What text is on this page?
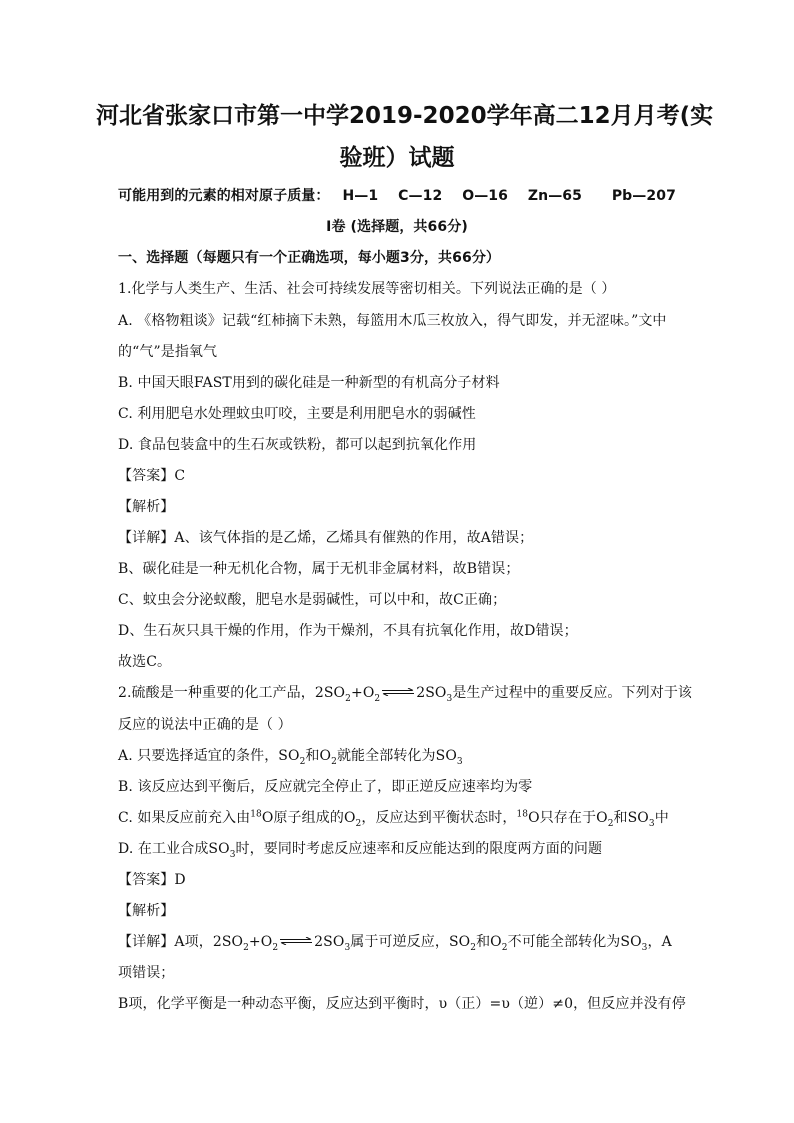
河北省张家口市第一中学2019-2020学年高二12月月考(实
验班）试题
可能用到的元素的相对原子质量： H—1    C—12    O—16    Zn—65      Pb—207
I卷 (选择题，共66分)
一、选择题（每题只有一个正确选项，每小题3分，共66分）
1.化学与人类生产、生活、社会可持续发展等密切相关。下列说法正确的是（ ）
A. 《格物粗谈》记载“红柿摘下未熟，每篮用木瓜三枚放入，得气即发，并无涩味。”文中
的“气”是指氧气
B. 中国天眼FAST用到的碳化硅是一种新型的有机高分子材料
C. 利用肥皂水处理蚊虫叮咬，主要是利用肥皂水的弱碱性
D. 食品包装盒中的生石灰或铁粉，都可以起到抗氧化作用
【答案】C
【解析】
【详解】A、该气体指的是乙烯，乙烯具有催熟的作用，故A错误；
B、碳化硅是一种无机化合物，属于无机非金属材料，故B错误；
C、蚊虫会分泌蚁酸，肥皂水是弱碱性，可以中和，故C正确；
D、生石灰只具干燥的作用，作为干燥剂，不具有抗氧化作用，故D错误；
故选C。
2.硫酸是一种重要的化工产品，$2SO_2+O_2$ $\rightleftharpoons 2SO_3$是生产过程中的重要反应。下列对于该
反应的说法中正确的是（ ）
A. 只要选择适宜的条件，$SO_2$和$O_2$就能全部转化为$SO_3$
B. 该反应达到平衡后，反应就完全停止了，即正逆反应速率均为零
C. 如果反应前充入由$^{18}$O原子组成的$O_2$，反应达到平衡状态时，$^{18}$O只存在于$O_2$和$SO_3$中
D. 在工业合成$SO_3$时，要同时考虑反应速率和反应能达到的限度两方面的问题
【答案】D
【解析】
【详解】A项，$2SO_2+O_2$ $\rightleftharpoons 2SO_3$属于可逆反应，$SO_2$和$O_2$不可能全部转化为$SO_3$，A
项错误；
B项，化学平衡是一种动态平衡，反应达到平衡时，υ（正）=υ（逆）≠0，但反应并没有停
